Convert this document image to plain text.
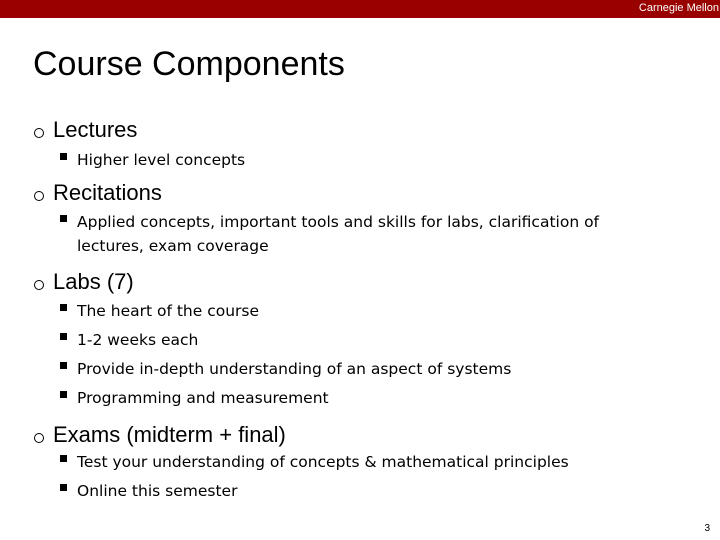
Carnegie Mellon
Course Components
Lectures
Higher level concepts
Recitations
Applied concepts, important tools and skills for labs, clarification of lectures, exam coverage
Labs (7)
The heart of the course
1-2 weeks each
Provide in-depth understanding of an aspect of systems
Programming and measurement
Exams (midterm + final)
Test your understanding of concepts & mathematical principles
Online this semester
3
